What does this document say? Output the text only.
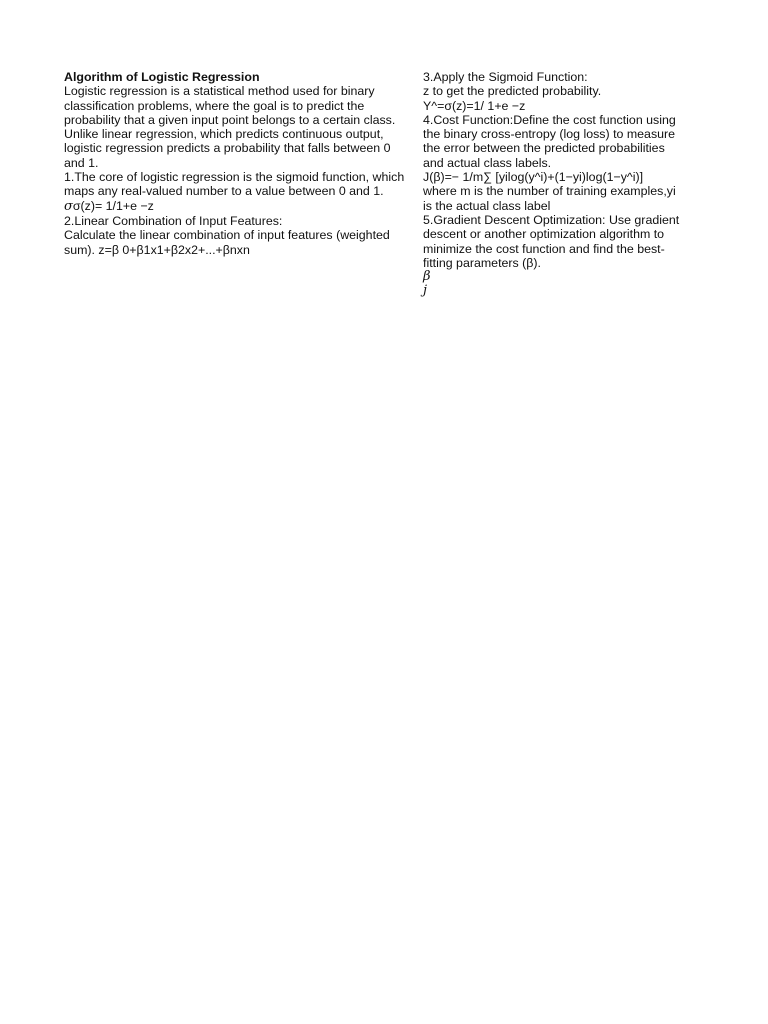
Algorithm of Logistic Regression
Logistic regression is a statistical method used for binary
classification problems, where the goal is to predict the
probability that a given input point belongs to a certain class.
Unlike linear regression, which predicts continuous output,
logistic regression predicts a probability that falls between 0
and 1.
1.The core of logistic regression is the sigmoid function, which
maps any real-valued number to a value between 0 and 1.
σσ(z)= 1/1+e −z
2.Linear Combination of Input Features:
Calculate the linear combination of input features (weighted
sum). z=β 0+β1x1+β2x2+...+βnxn
3.Apply the Sigmoid Function:
z to get the predicted probability.
Y^=σ(z)=1/ 1+e −z
4.Cost Function:Define the cost function using
the binary cross-entropy (log loss) to measure
the error between the predicted probabilities
and actual class labels.
J(β)=− 1/m∑ [yilog(y^i)+(1−yi)log(1−y^i)]
where m is the number of training examples,yi
is the actual class label
5.Gradient Descent Optimization: Use gradient
descent or another optimization algorithm to
minimize the cost function and find the best-
fitting parameters (β).
β
j
